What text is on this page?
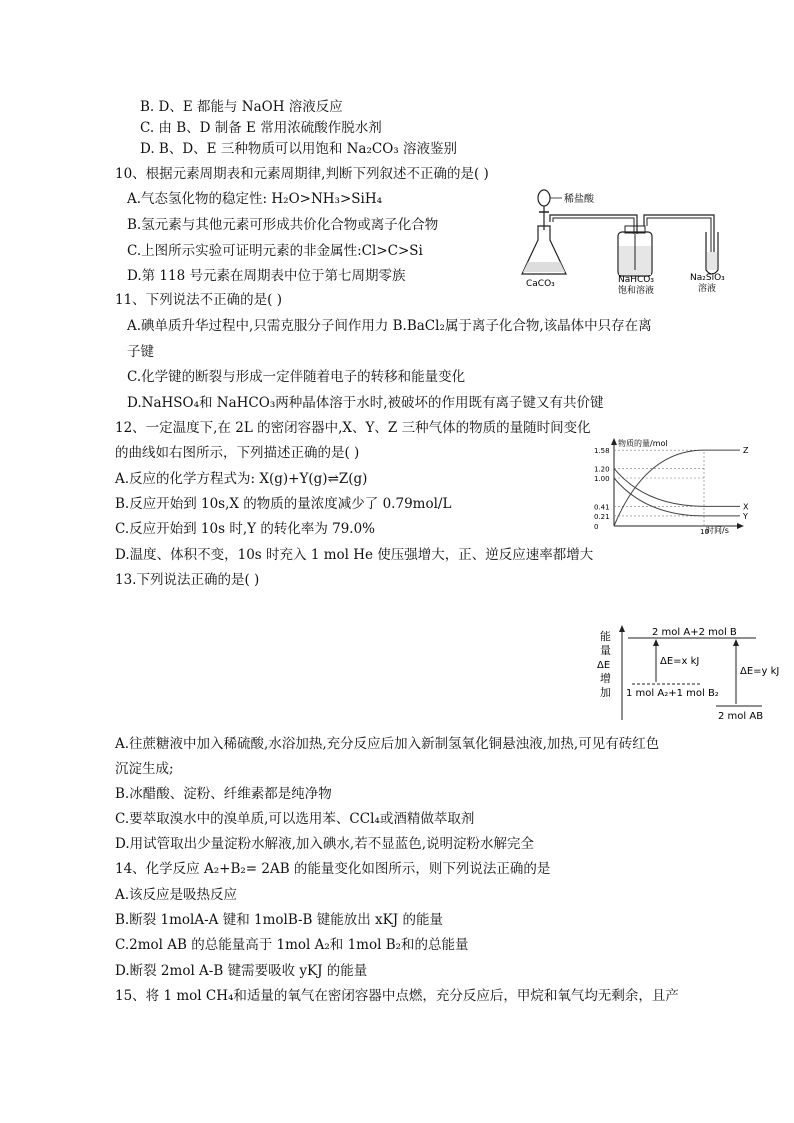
B. D、E 都能与 NaOH 溶液反应
C. 由 B、D 制备 E 常用浓硫酸作脱水剂
D. B、D、E 三种物质可以用饱和 Na₂CO₃ 溶液鉴别
10、根据元素周期表和元素周期律,判断下列叙述不正确的是( )
A.气态氢化物的稳定性: H₂O>NH₃>SiH₄
B.氢元素与其他元素可形成共价化合物或离子化合物
C.上图所示实验可证明元素的非金属性:Cl>C>Si
D.第 118 号元素在周期表中位于第七周期零族
稀盐酸
CaCO₃	NaHCO₃
饱和溶液
Na₂SiO₃
溶液
11、下列说法不正确的是( )
A.碘单质升华过程中,只需克服分子间作用力 B.BaCl₂属于离子化合物,该晶体中只存在离
子键
C.化学键的断裂与形成一定伴随着电子的转移和能量变化
D.NaHSO₄和 NaHCO₃两种晶体溶于水时,被破坏的作用既有离子键又有共价键
12、一定温度下,在 2L 的密闭容器中,X、Y、Z 三种气体的物质的量随时间变化
的曲线如右图所示，下列描述正确的是( )
A.反应的化学方程式为: X(g)+Y(g)⇌Z(g)
B.反应开始到 10s,X 的物质的量浓度减少了 0.79mol/L
C.反应开始到 10s 时,Y 的转化率为 79.0%
D.温度、体积不变，10s 时充入 1 mol He 使压强增大，正、逆反应速率都增大
物质的量/mol
时间/s
1.58
1.20
1.00
0.41
0.21
0
10
Z
X
Y
13.下列说法正确的是( )
能
量
ΔE
增
加
2 mol A+2 mol B
1 mol A₂+1 mol B₂
2 mol AB
ΔE=x kJ
ΔE=y kJ
A.往蔗糖液中加入稀硫酸,水浴加热,充分反应后加入新制氢氧化铜悬浊液,加热,可见有砖红色
沉淀生成;
B.冰醋酸、淀粉、纤维素都是纯净物
C.要萃取溴水中的溴单质,可以选用苯、CCl₄或酒精做萃取剂
D.用试管取出少量淀粉水解液,加入碘水,若不显蓝色,说明淀粉水解完全
14、化学反应 A₂+B₂= 2AB 的能量变化如图所示，则下列说法正确的是
A.该反应是吸热反应
B.断裂 1molA-A 键和 1molB-B 键能放出 xKJ 的能量
C.2mol AB 的总能量高于 1mol A₂和 1mol B₂和的总能量
D.断裂 2mol A-B 键需要吸收 yKJ 的能量
15、将 1 mol CH₄和适量的氧气在密闭容器中点燃，充分反应后，甲烷和氧气均无剩余，且产
